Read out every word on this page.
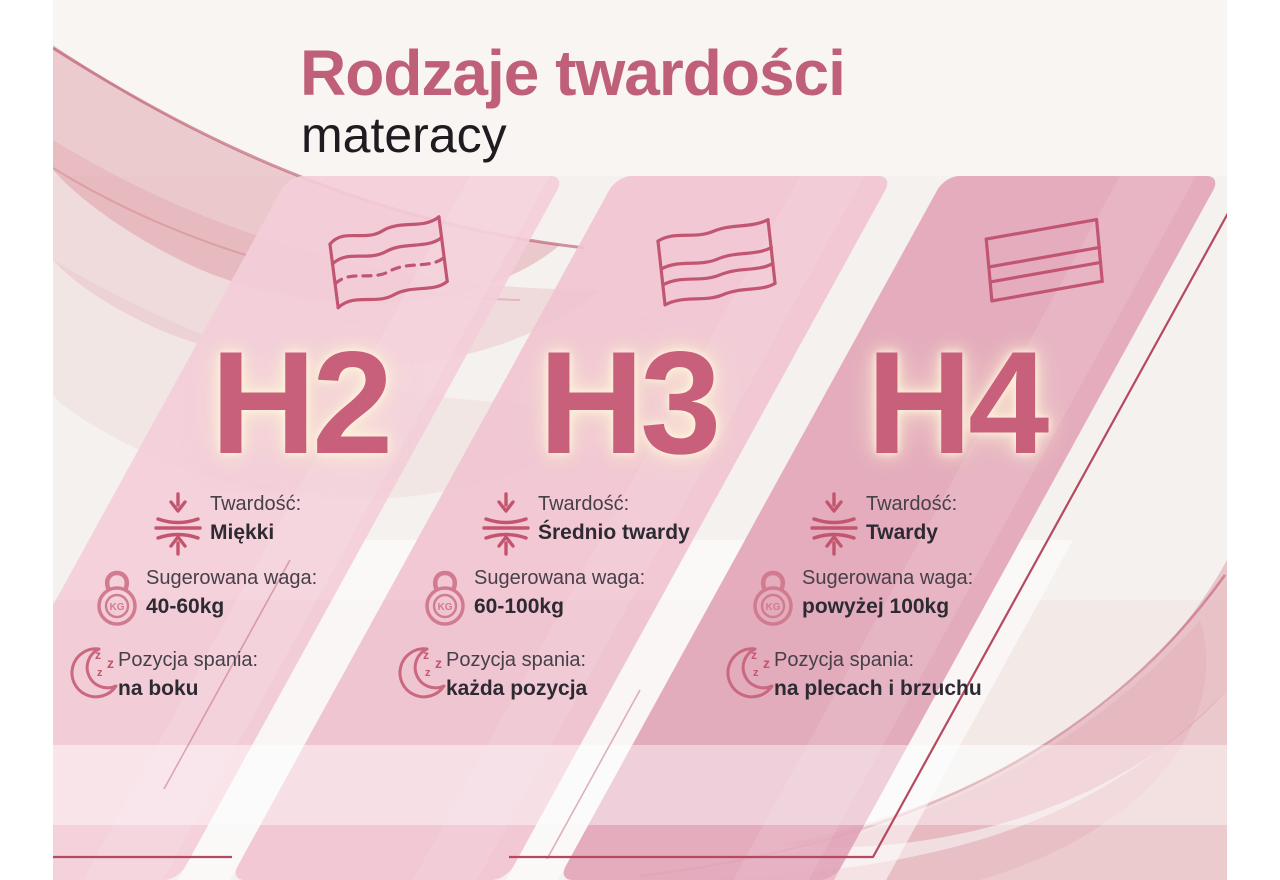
H2
Twardość:
Miękki
KG
Sugerowana waga:
40-60kg
z z
z
Pozycja spania:
na boku
H3
Twardość:
Średnio twardy
KG
Sugerowana waga:
60-100kg
z z
z
Pozycja spania:
każda pozycja
H4
Twardość:
Twardy
KG
Sugerowana waga:
powyżej 100kg
z z
z
Pozycja spania:
na plecach i brzuchu
Rodzaje twardości
materacy
